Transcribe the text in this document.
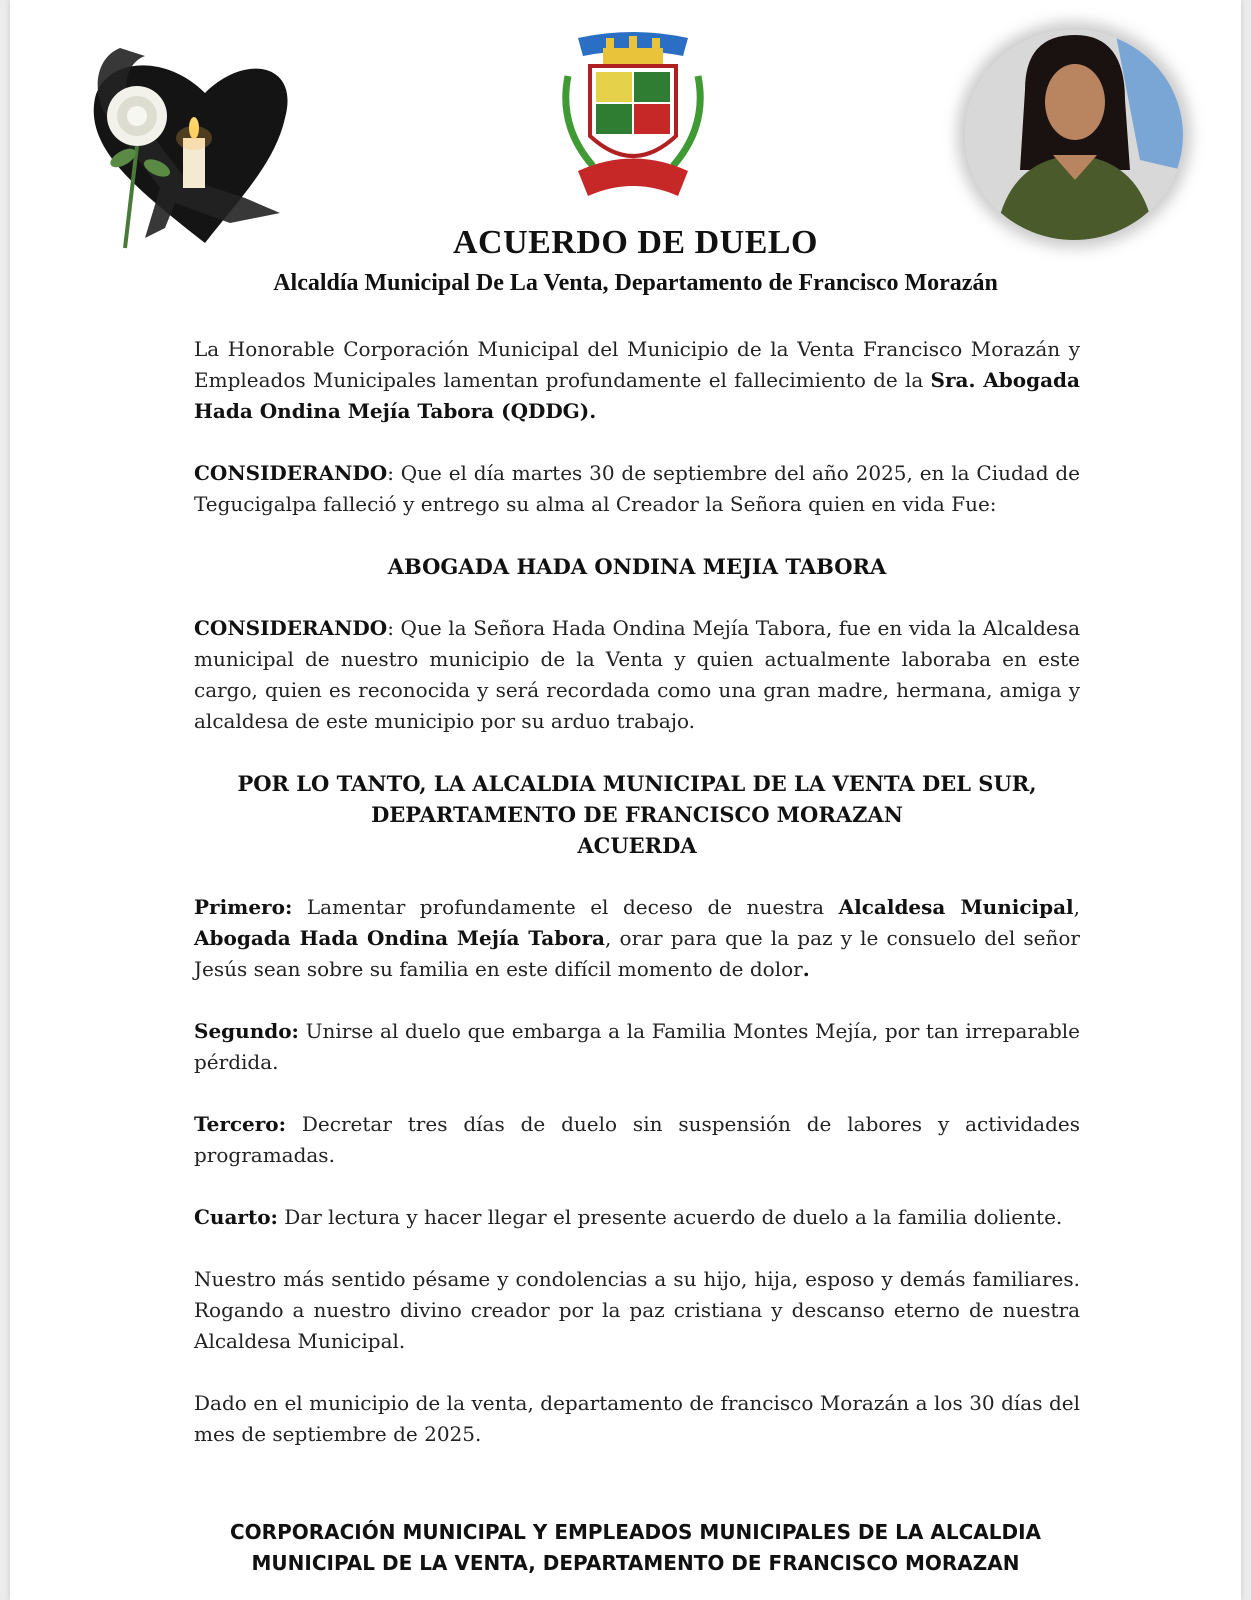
ACUERDO DE DUELO
Alcaldía Municipal De La Venta, Departamento de Francisco Morazán

La Honorable Corporación Municipal del Municipio de la Venta Francisco Morazán y Empleados Municipales lamentan profundamente el fallecimiento de la Sra. Abogada Hada Ondina Mejía Tabora (QDDG).

CONSIDERANDO: Que el día martes 30 de septiembre del año 2025, en la Ciudad de Tegucigalpa falleció y entrego su alma al Creador la Señora quien en vida Fue:

ABOGADA HADA ONDINA MEJIA TABORA

CONSIDERANDO: Que la Señora Hada Ondina Mejía Tabora, fue en vida la Alcaldesa municipal de nuestro municipio de la Venta y quien actualmente laboraba en este cargo, quien es reconocida y será recordada como una gran madre, hermana, amiga y alcaldesa de este municipio por su arduo trabajo.

POR LO TANTO, LA ALCALDIA MUNICIPAL DE LA VENTA DEL SUR,
DEPARTAMENTO DE FRANCISCO MORAZAN
ACUERDA

Primero: Lamentar profundamente el deceso de nuestra Alcaldesa Municipal, Abogada Hada Ondina Mejía Tabora, orar para que la paz y le consuelo del señor Jesús sean sobre su familia en este difícil momento de dolor.

Segundo: Unirse al duelo que embarga a la Familia Montes Mejía, por tan irreparable pérdida.

Tercero: Decretar tres días de duelo sin suspensión de labores y actividades programadas.

Cuarto: Dar lectura y hacer llegar el presente acuerdo de duelo a la familia doliente.

Nuestro más sentido pésame y condolencias a su hijo, hija, esposo y demás familiares. Rogando a nuestro divino creador por la paz cristiana y descanso eterno de nuestra Alcaldesa Municipal.

Dado en el municipio de la venta, departamento de francisco Morazán a los 30 días del mes de septiembre de 2025.

CORPORACIÓN MUNICIPAL Y EMPLEADOS MUNICIPALES DE LA ALCALDIA
MUNICIPAL DE LA VENTA, DEPARTAMENTO DE FRANCISCO MORAZAN
